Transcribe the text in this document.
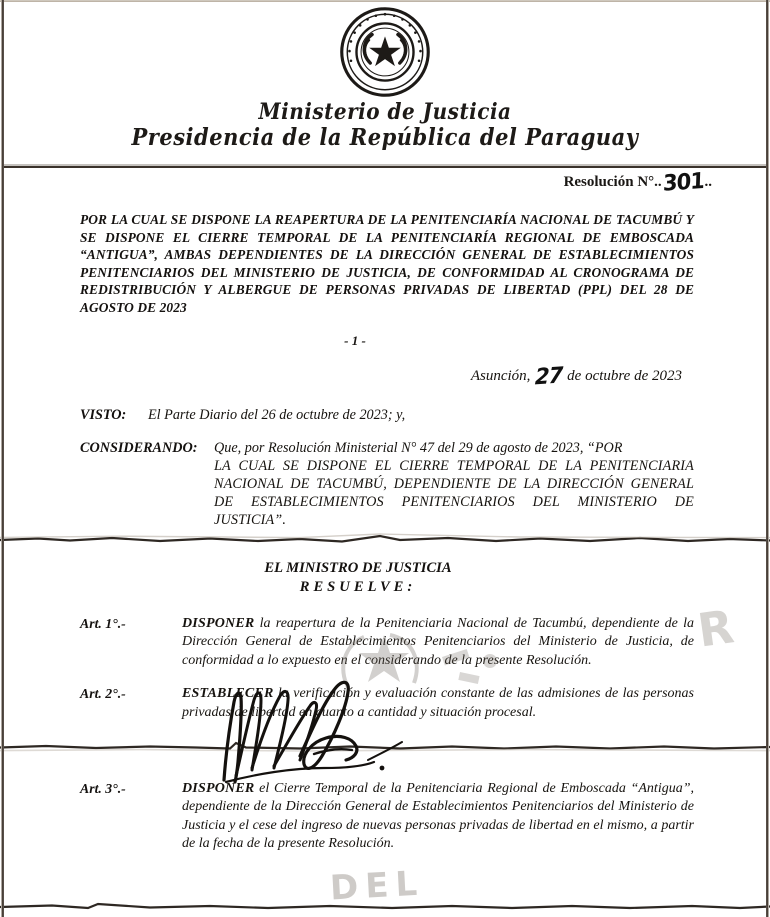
Ministerio de Justicia
Presidencia de la República del Paraguay
Resolución N°..301..
POR LA CUAL SE DISPONE LA REAPERTURA DE LA PENITENCIARÍA NACIONAL DE TACUMBÚ Y SE DISPONE EL CIERRE TEMPORAL DE LA PENITENCIARÍA REGIONAL DE EMBOSCADA “ANTIGUA”, AMBAS DEPENDIENTES DE LA DIRECCIÓN GENERAL DE ESTABLECIMIENTOS PENITENCIARIOS DEL MINISTERIO DE JUSTICIA, DE CONFORMIDAD AL CRONOGRAMA DE REDISTRIBUCIÓN Y ALBERGUE DE PERSONAS PRIVADAS DE LIBERTAD (PPL) DEL 28 DE AGOSTO DE 2023
- 1 -
Asunción, 27 de octubre de 2023
VISTO:	El Parte Diario del 26 de octubre de 2023; y,
CONSIDERANDO:	Que, por Resolución Ministerial N° 47 del 29 de agosto de 2023, “POR
LA CUAL SE DISPONE EL CIERRE TEMPORAL DE LA PENITENCIARIA NACIONAL DE TACUMBÚ, DEPENDIENTE DE LA DIRECCIÓN GENERAL DE ESTABLECIMIENTOS PENITENCIARIOS DEL MINISTERIO DE JUSTICIA”.
R
EL MINISTRO DE JUSTICIA
RESUELVE:
Art. 1°.-	DISPONER la reapertura de la Penitenciaria Nacional de Tacumbú, dependiente de la Dirección General de Establecimientos Penitenciarios del Ministerio de Justicia, de conformidad a lo expuesto en el considerando de la presente Resolución.
Art. 2°.-	ESTABLECER la verificación y evaluación constante de las admisiones de las personas privadas de libertad en cuanto a cantidad y situación procesal.
Art. 3°.-	DISPONER el Cierre Temporal de la Penitenciaria Regional de Emboscada “Antigua”, dependiente de la Dirección General de Establecimientos Penitenciarios del Ministerio de Justicia y el cese del ingreso de nuevas personas privadas de libertad en el mismo, a partir de la fecha de la presente Resolución.
DEL
